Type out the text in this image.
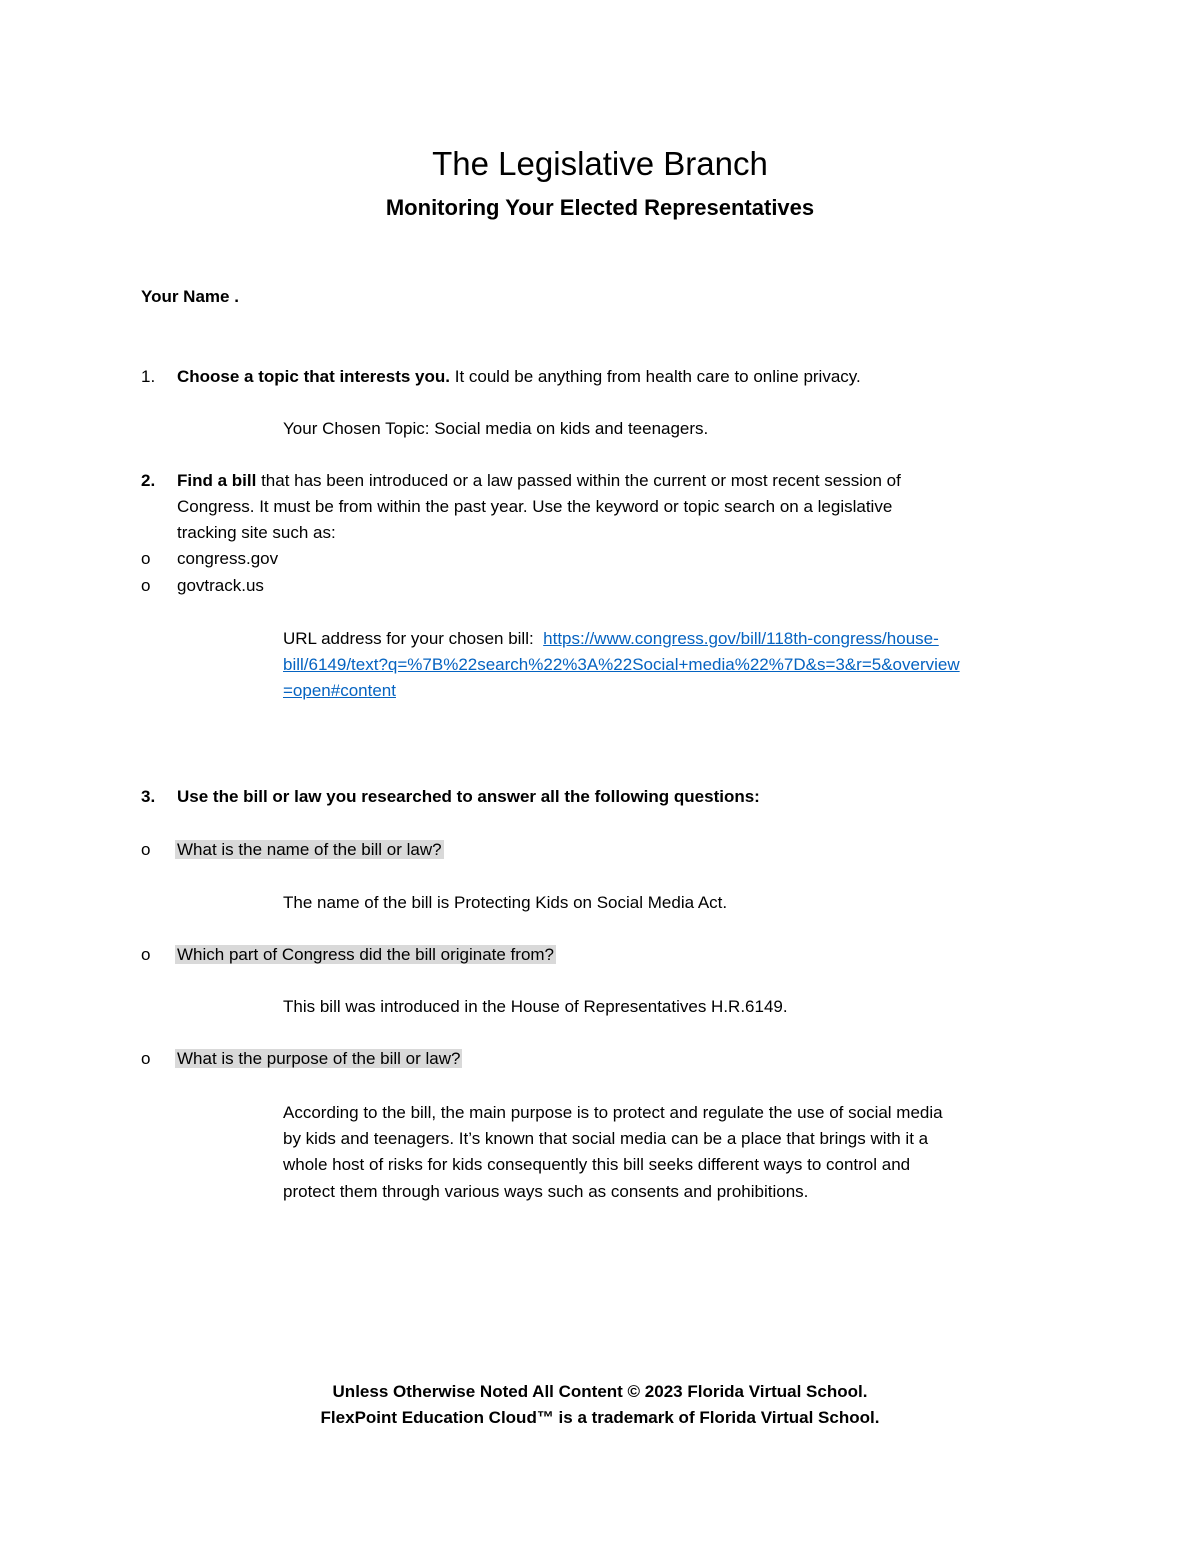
The Legislative Branch
Monitoring Your Elected Representatives
Your Name .
1. Choose a topic that interests you. It could be anything from health care to online privacy.
Your Chosen Topic: Social media on kids and teenagers.
2. Find a bill that has been introduced or a law passed within the current or most recent session of
Congress. It must be from within the past year. Use the keyword or topic search on a legislative
tracking site such as:
o congress.gov
o govtrack.us
URL address for your chosen bill:  https://www.congress.gov/bill/118th-congress/house-
bill/6149/text?q=%7B%22search%22%3A%22Social+media%22%7D&s=3&r=5&overview
=open#content
3. Use the bill or law you researched to answer all the following questions:
o What is the name of the bill or law?
The name of the bill is Protecting Kids on Social Media Act.
o Which part of Congress did the bill originate from?
This bill was introduced in the House of Representatives H.R.6149.
o What is the purpose of the bill or law?
According to the bill, the main purpose is to protect and regulate the use of social media
by kids and teenagers. It’s known that social media can be a place that brings with it a
whole host of risks for kids consequently this bill seeks different ways to control and
protect them through various ways such as consents and prohibitions.
Unless Otherwise Noted All Content © 2023 Florida Virtual School.
FlexPoint Education Cloud™ is a trademark of Florida Virtual School.
